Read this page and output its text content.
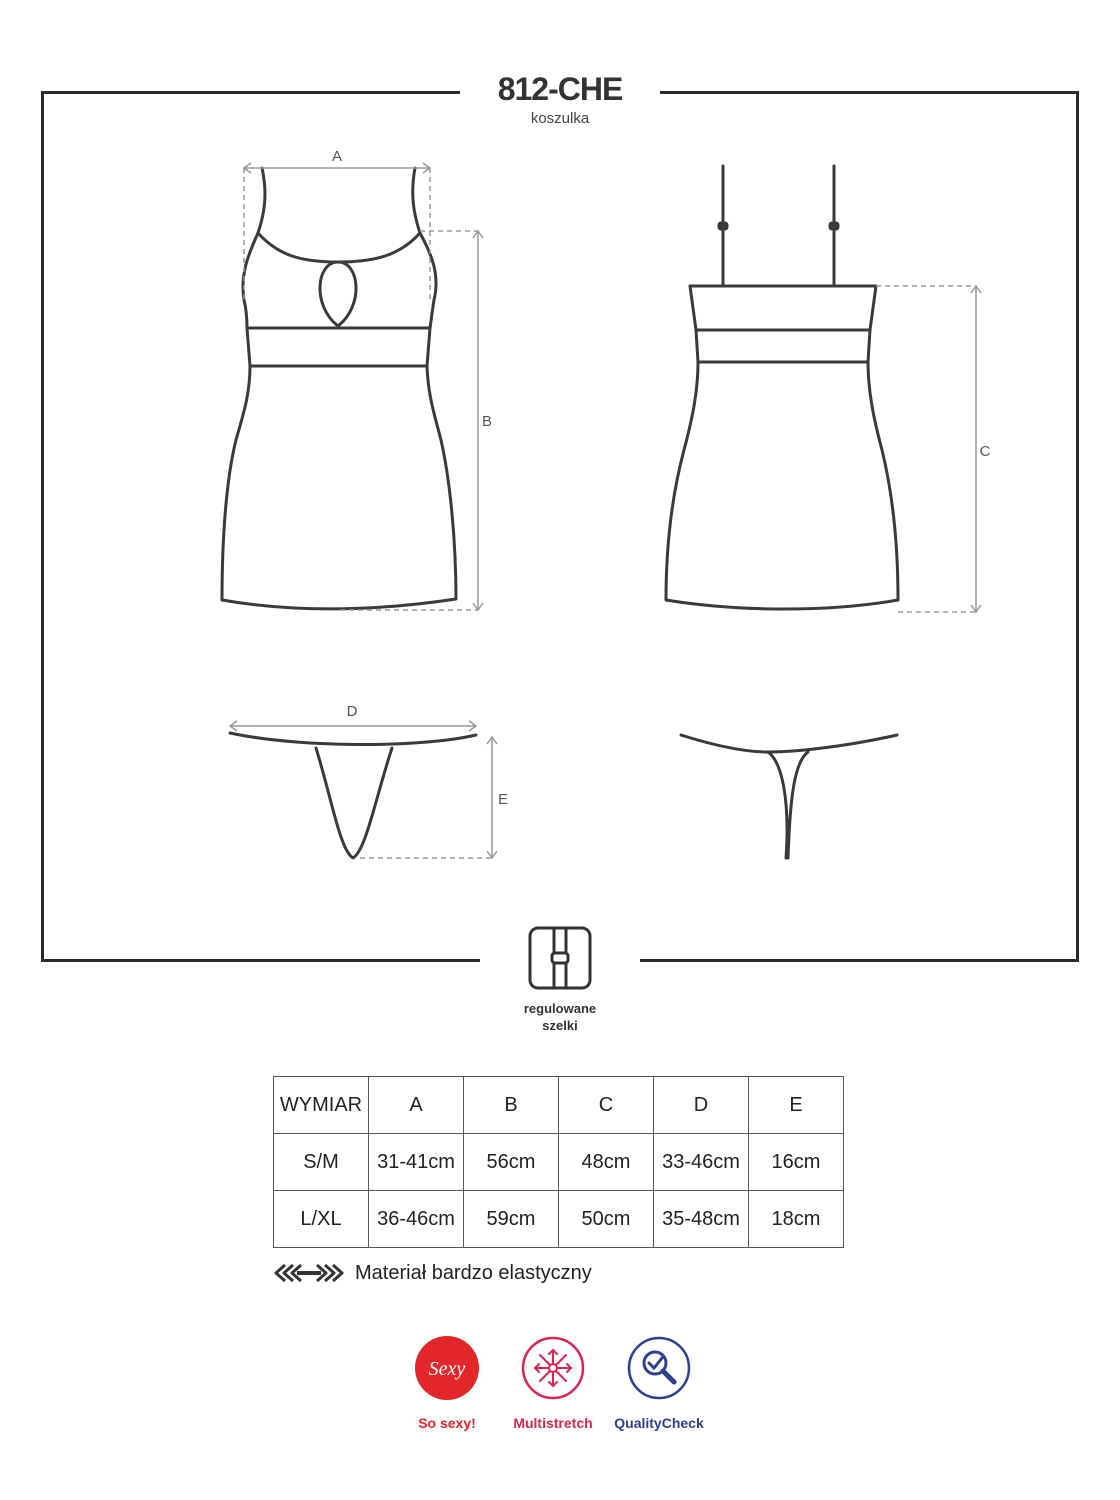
812-CHE
koszulka
A
B
C
D
E
regulowane
szelki
WYMIAR	A	B	C	D	E
S/M	31-41cm	56cm	48cm	33-46cm	16cm
L/XL	36-46cm	59cm	50cm	35-48cm	18cm
Materiał bardzo elastyczny
Sexy
So sexy!	Multistretch	QualityCheck
